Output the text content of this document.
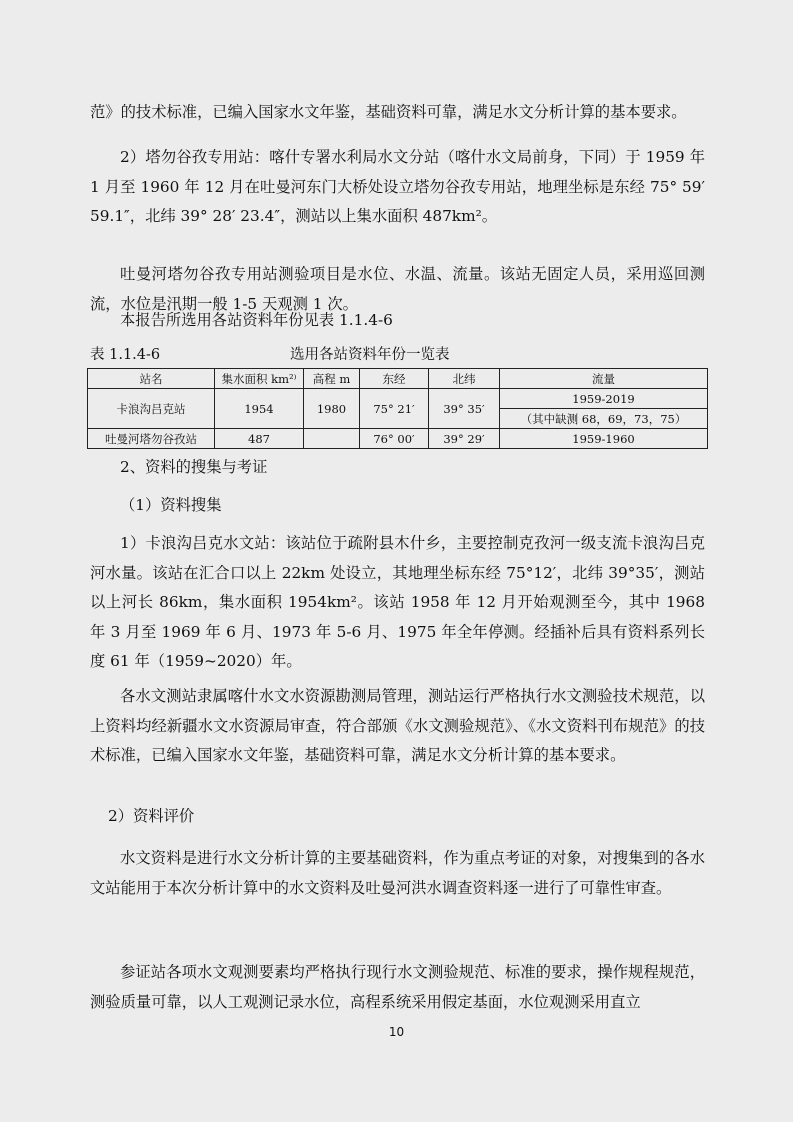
范》的技术标准，已编入国家水文年鉴，基础资料可靠，满足水文分析计算的基本要求。

2）塔勿谷孜专用站：喀什专署水利局水文分站（喀什水文局前身，下同）于 1959 年 1 月至 1960 年 12 月在吐曼河东门大桥处设立塔勿谷孜专用站，地理坐标是东经 75° 59′ 59.1″，北纬 39° 28′ 23.4″，测站以上集水面积 487km²。

吐曼河塔勿谷孜专用站测验项目是水位、水温、流量。该站无固定人员，采用巡回测流，水位是汛期一般 1-5 天观测 1 次。

本报告所选用各站资料年份见表 1.1.4-6

表 1.1.4-6	选用各站资料年份一览表
站名	集水面积 km²⁾	高程 m	东经	北纬	流量
卡浪沟吕克站	1954	1980	75° 21′	39° 35′	1959-2019
					（其中缺测 68，69，73，75）
吐曼河塔勿谷孜站	487		76° 00′	39° 29′	1959-1960

2、资料的搜集与考证

（1）资料搜集

1）卡浪沟吕克水文站：该站位于疏附县木什乡，主要控制克孜河一级支流卡浪沟吕克河水量。该站在汇合口以上 22km 处设立，其地理坐标东经 75°12′，北纬 39°35′，测站以上河长 86km，集水面积 1954km²。该站 1958 年 12 月开始观测至今，其中 1968 年 3 月至 1969 年 6 月、1973 年 5-6 月、1975 年全年停测。经插补后具有资料系列长度 61 年（1959~2020）年。

各水文测站隶属喀什水文水资源勘测局管理，测站运行严格执行水文测验技术规范，以上资料均经新疆水文水资源局审查，符合部颁《水文测验规范》、《水文资料刊布规范》的技术标准，已编入国家水文年鉴，基础资料可靠，满足水文分析计算的基本要求。

2）资料评价

水文资料是进行水文分析计算的主要基础资料，作为重点考证的对象，对搜集到的各水文站能用于本次分析计算中的水文资料及吐曼河洪水调查资料逐一进行了可靠性审查。

参证站各项水文观测要素均严格执行现行水文测验规范、标准的要求，操作规程规范，测验质量可靠，以人工观测记录水位，高程系统采用假定基面，水位观测采用直立

10
